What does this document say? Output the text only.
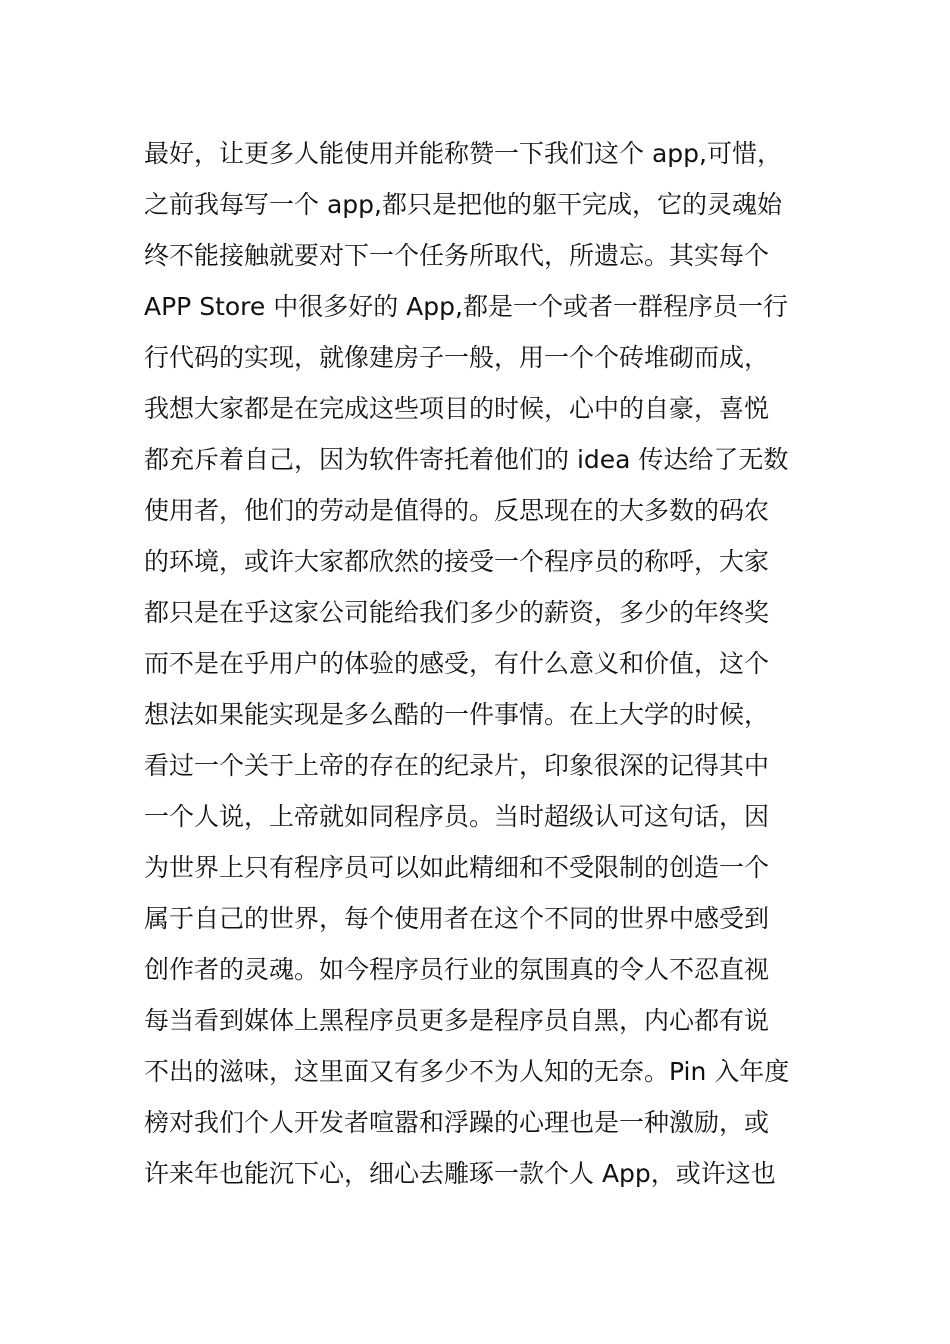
最好，让更多人能使用并能称赞一下我们这个 app,可惜，
之前我每写一个 app,都只是把他的躯干完成，它的灵魂始
终不能接触就要对下一个任务所取代，所遗忘。其实每个
APP Store 中很多好的 App,都是一个或者一群程序员一行
行代码的实现，就像建房子一般，用一个个砖堆砌而成，
我想大家都是在完成这些项目的时候，心中的自豪，喜悦
都充斥着自己，因为软件寄托着他们的 idea 传达给了无数
使用者，他们的劳动是值得的。反思现在的大多数的码农
的环境，或许大家都欣然的接受一个程序员的称呼，大家
都只是在乎这家公司能给我们多少的薪资，多少的年终奖
而不是在乎用户的体验的感受，有什么意义和价值，这个
想法如果能实现是多么酷的一件事情。在上大学的时候，
看过一个关于上帝的存在的纪录片，印象很深的记得其中
一个人说，上帝就如同程序员。当时超级认可这句话，因
为世界上只有程序员可以如此精细和不受限制的创造一个
属于自己的世界，每个使用者在这个不同的世界中感受到
创作者的灵魂。如今程序员行业的氛围真的令人不忍直视
每当看到媒体上黑程序员更多是程序员自黑，内心都有说
不出的滋味，这里面又有多少不为人知的无奈。Pin 入年度
榜对我们个人开发者喧嚣和浮躁的心理也是一种激励，或
许来年也能沉下心，细心去雕琢一款个人 App，或许这也
